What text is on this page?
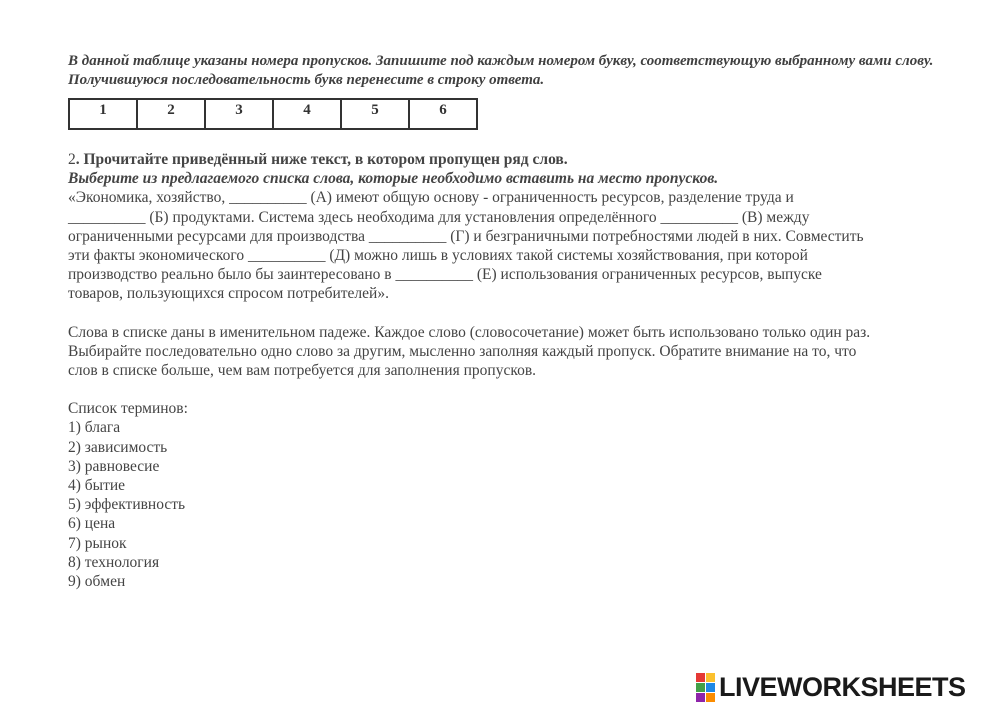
В данной таблице указаны номера пропусков. Запишите под каждым номером букву, соответствующую выбранному вами слову. Получившуюся последовательность букв перенесите в строку ответа.
1	2	3	4	5	6
2. Прочитайте приведённый ниже текст, в котором пропущен ряд слов.
Выберите из предлагаемого списка слова, которые необходимо вставить на место пропусков.
«Экономика, хозяйство, __________ (А) имеют общую основу - ограниченность ресурсов, разделение труда и
__________ (Б) продуктами. Система здесь необходима для установления определённого __________ (В) между
ограниченными ресурсами для производства __________ (Г) и безграничными потребностями людей в них. Совместить
эти факты экономического __________ (Д) можно лишь в условиях такой системы хозяйствования, при которой
производство реально было бы заинтересовано в __________ (Е) использования ограниченных ресурсов, выпуске
товаров, пользующихся спросом потребителей».
Слова в списке даны в именительном падеже. Каждое слово (словосочетание) может быть использовано только один раз.
Выбирайте последовательно одно слово за другим, мысленно заполняя каждый пропуск. Обратите внимание на то, что
слов в списке больше, чем вам потребуется для заполнения пропусков.
Список терминов:
1) блага
2) зависимость
3) равновесие
4) бытие
5) эффективность
6) цена
7) рынок
8) технология
9) обмен
LIVEWORKSHEETS
